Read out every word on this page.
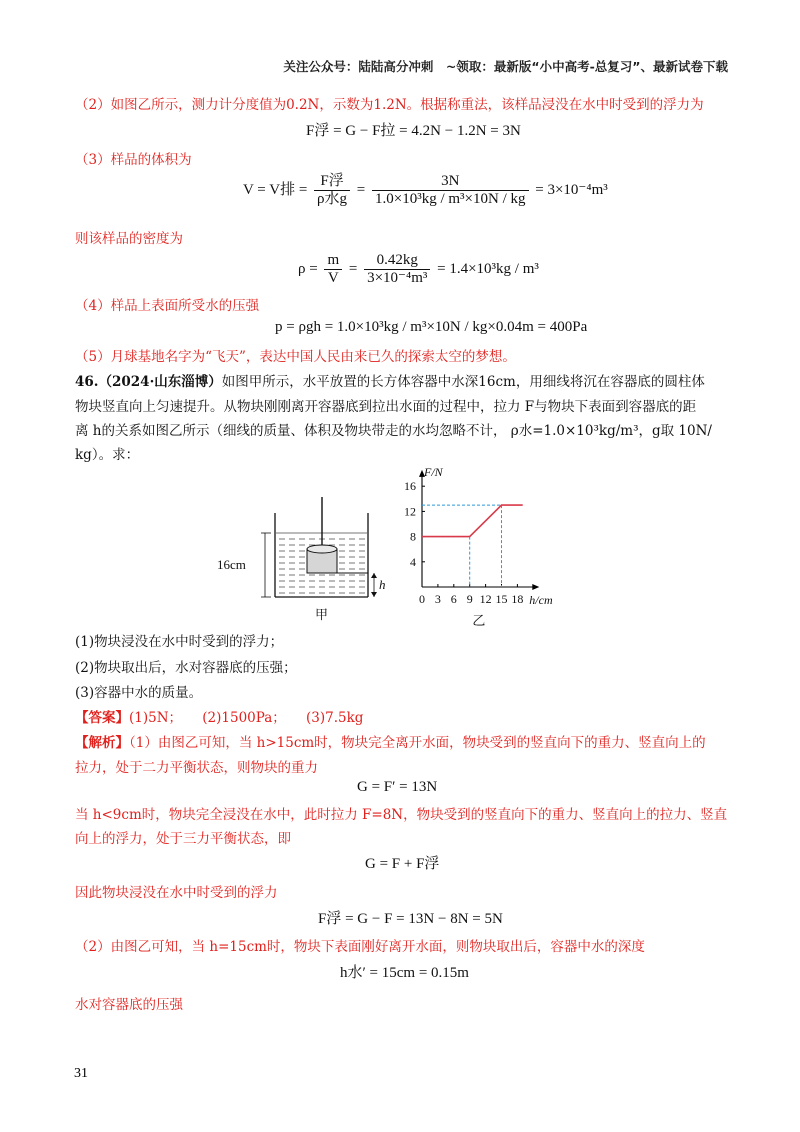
关注公众号：陆陆高分冲刺　~领取：最新版“小中高考-总复习”、最新试卷下载
（2）如图乙所示，测力计分度值为0.2N，示数为1.2N。根据称重法，该样品浸没在水中时受到的浮力为
F浮 = G − F拉 = 4.2N − 1.2N = 3N
（3）样品的体积为
V = V排 = $\frac{\text{F浮}}{\text{ρ水g}} = \frac{3N}{\text{1.0×10³kg / m³×10N / kg}} = 3\times 10^{-4}m^3$
则该样品的密度为
$\rho = \frac{m}{V} = \frac{0.42kg}{\text{3×10⁻⁴m³}} = 1.4\times 10^3kg / m^3$
（4）样品上表面所受水的压强
p = ρgh = 1.0×10³kg / m³×10N / kg×0.04m = 400Pa
（5）月球基地名字为“飞天”，表达中国人民由来已久的探索太空的梦想。
46.（2024·山东淄博）如图甲所示，水平放置的长方体容器中水深16cm，用细线将沉在容器底的圆柱体
物块竖直向上匀速提升。从物块刚刚离开容器底到拉出水面的过程中，拉力 F与物块下表面到容器底的距
离 h的关系如图乙所示（细线的质量、体积及物块带走的水均忽略不计， ρ水=1.0×10³kg/m³，g取 10N/
kg）。求：
16cm
h
甲
0 3 6 9 12 15 18
4
8
12
16
h/cm
F/N
乙
(1)物块浸没在水中时受到的浮力；
(2)物块取出后，水对容器底的压强；
(3)容器中水的质量。
【答案】(1)5N；　　(2)1500Pa；　　(3)7.5kg
【解析】（1）由图乙可知，当 h>15cm时，物块完全离开水面，物块受到的竖直向下的重力、竖直向上的
拉力，处于二力平衡状态，则物块的重力
G = F′ = 13N
当 h<9cm时，物块完全浸没在水中，此时拉力 F=8N，物块受到的竖直向下的重力、竖直向上的拉力、竖直
向上的浮力，处于三力平衡状态，即
G = F + F浮
因此物块浸没在水中时受到的浮力
F浮 = G − F = 13N − 8N = 5N
（2）由图乙可知，当 h=15cm时，物块下表面刚好离开水面，则物块取出后，容器中水的深度
h水′ = 15cm = 0.15m
水对容器底的压强
31
